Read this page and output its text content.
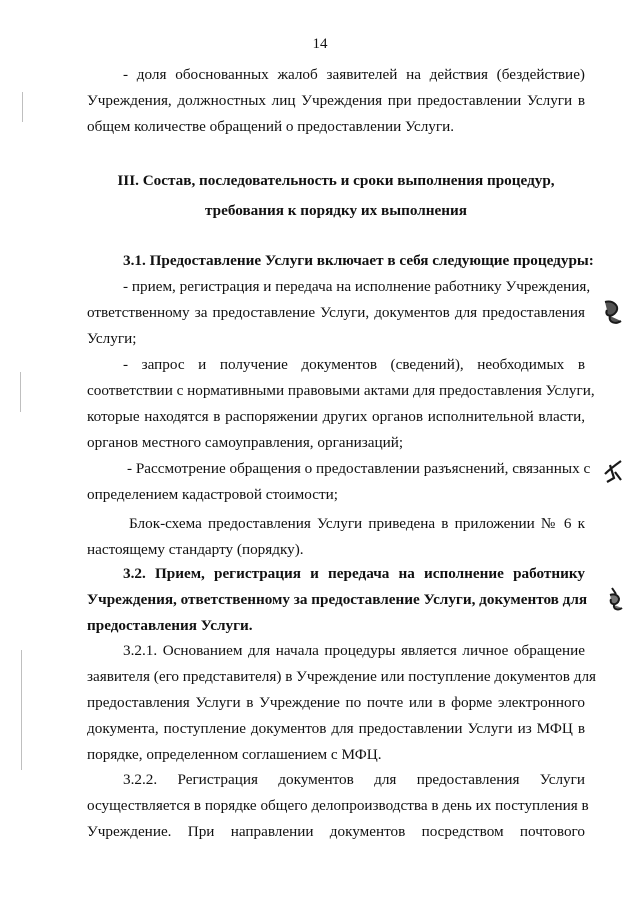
14
- доля обоснованных жалоб заявителей на действия (бездействие)
Учреждения, должностных лиц Учреждения при предоставлении Услуги в
общем количестве обращений о предоставлении Услуги.
III. Состав, последовательность и сроки выполнения процедур,
требования к порядку их выполнения
3.1. Предоставление Услуги включает в себя следующие процедуры:
- прием, регистрация и передача на исполнение работнику Учреждения,
ответственному за предоставление Услуги, документов для предоставления
Услуги;
- запрос и получение документов (сведений), необходимых в
соответствии с нормативными правовыми актами для предоставления Услуги,
которые находятся в распоряжении других органов исполнительной власти,
органов местного самоуправления, организаций;
- Рассмотрение обращения о предоставлении разъяснений, связанных с
определением кадастровой стоимости;
Блок-схема предоставления Услуги приведена в приложении № 6 к
настоящему стандарту (порядку).
3.2. Прием, регистрация и передача на исполнение работнику
Учреждения, ответственному за предоставление Услуги, документов для
предоставления Услуги.
3.2.1. Основанием для начала процедуры является личное обращение
заявителя (его представителя) в Учреждение или поступление документов для
предоставления Услуги в Учреждение по почте или в форме электронного
документа, поступление документов для предоставлении Услуги из МФЦ в
порядке, определенном соглашением с МФЦ.
3.2.2. Регистрация документов для предоставления Услуги
осуществляется в порядке общего делопроизводства в день их поступления в
Учреждение. При направлении документов посредством почтового
